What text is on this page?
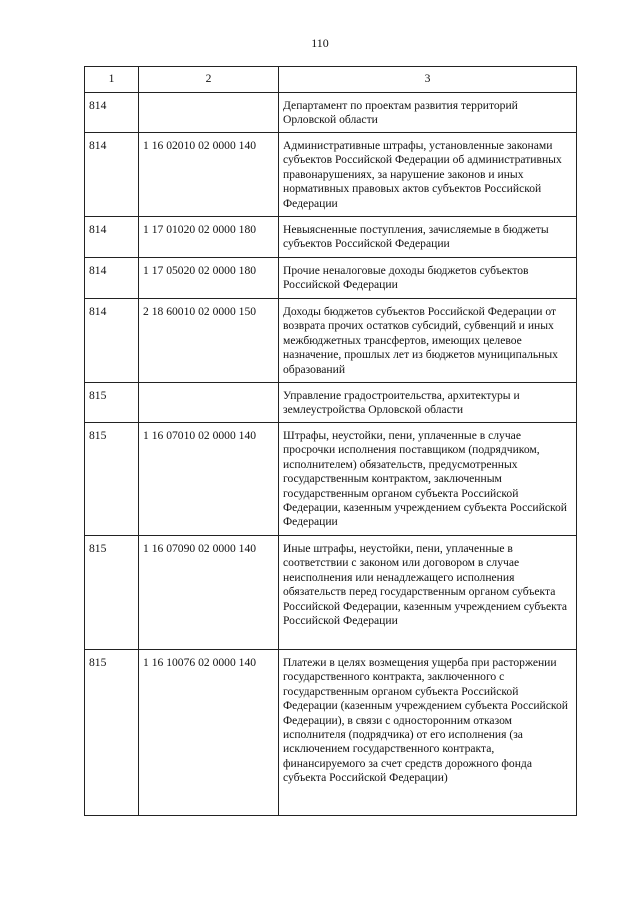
110
1	2	3
814		Департамент по проектам развития территорий Орловской области
814	1 16 02010 02 0000 140	Административные штрафы, установленные законами субъектов Российской Федерации об административных правонарушениях, за нарушение законов и иных нормативных правовых актов субъектов Российской Федерации
814	1 17 01020 02 0000 180	Невыясненные поступления, зачисляемые в бюджеты субъектов Российской Федерации
814	1 17 05020 02 0000 180	Прочие неналоговые доходы бюджетов субъектов Российской Федерации
814	2 18 60010 02 0000 150	Доходы бюджетов субъектов Российской Федерации от возврата прочих остатков субсидий, субвенций и иных межбюджетных трансфертов, имеющих целевое назначение, прошлых лет из бюджетов муниципальных образований
815		Управление градостроительства, архитектуры и землеустройства Орловской области
815	1 16 07010 02 0000 140	Штрафы, неустойки, пени, уплаченные в случае просрочки исполнения поставщиком (подрядчиком, исполнителем) обязательств, предусмотренных государственным контрактом, заключенным государственным органом субъекта Российской Федерации, казенным учреждением субъекта Российской Федерации
815	1 16 07090 02 0000 140	Иные штрафы, неустойки, пени, уплаченные в соответствии с законом или договором в случае неисполнения или ненадлежащего исполнения обязательств перед государственным органом субъекта Российской Федерации, казенным учреждением субъекта Российской Федерации
815	1 16 10076 02 0000 140	Платежи в целях возмещения ущерба при расторжении государственного контракта, заключенного с государственным органом субъекта Российской Федерации (казенным учреждением субъекта Российской Федерации), в связи с односторонним отказом исполнителя (подрядчика) от его исполнения (за исключением государственного контракта, финансируемого за счет средств дорожного фонда субъекта Российской Федерации)
